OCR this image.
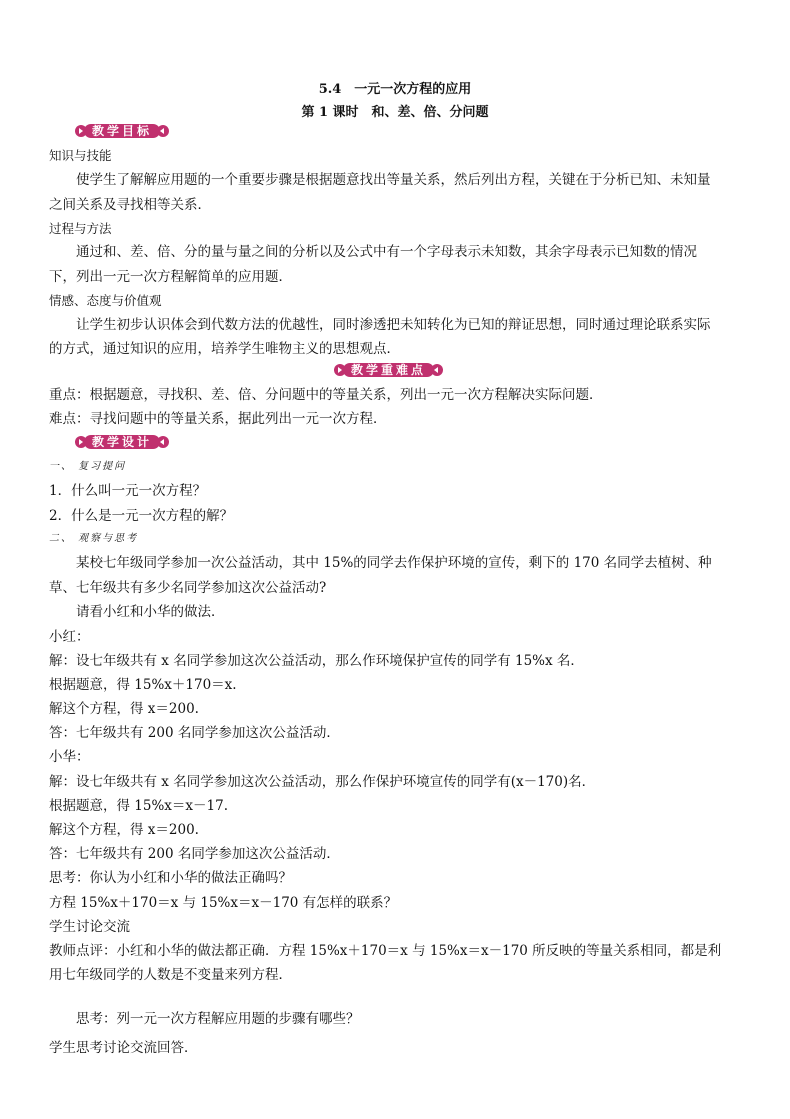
5.4　一元一次方程的应用
第 1 课时　和、差、倍、分问题
教学目标
知识与技能
　　使学生了解解应用题的一个重要步骤是根据题意找出等量关系，然后列出方程，关键在于分析已知、未知量
之间关系及寻找相等关系．
过程与方法
　　通过和、差、倍、分的量与量之间的分析以及公式中有一个字母表示未知数，其余字母表示已知数的情况
下，列出一元一次方程解简单的应用题．
情感、态度与价值观
　　让学生初步认识体会到代数方法的优越性，同时渗透把未知转化为已知的辩证思想，同时通过理论联系实际
的方式，通过知识的应用，培养学生唯物主义的思想观点．
教学重难点
重点：根据题意，寻找积、差、倍、分问题中的等量关系，列出一元一次方程解决实际问题．
难点：寻找问题中的等量关系，据此列出一元一次方程．
教学设计
一、 复习提问
1．什么叫一元一次方程？
2．什么是一元一次方程的解？
二、 观察与思考
　　某校七年级同学参加一次公益活动，其中 15%的同学去作保护环境的宣传，剩下的 170 名同学去植树、种
草、七年级共有多少名同学参加这次公益活动?
　　请看小红和小华的做法．
小红：
解：设七年级共有 x 名同学参加这次公益活动，那么作环境保护宣传的同学有 15%x 名．
根据题意，得 15%x＋170＝x.
解这个方程，得 x＝200.
答：七年级共有 200 名同学参加这次公益活动．
小华：
解：设七年级共有 x 名同学参加这次公益活动，那么作保护环境宣传的同学有(x－170)名．
根据题意，得 15%x＝x－17.
解这个方程，得 x＝200.
答：七年级共有 200 名同学参加这次公益活动．
思考：你认为小红和小华的做法正确吗？
方程 15%x＋170＝x 与 15%x＝x－170 有怎样的联系？
学生讨论交流
教师点评：小红和小华的做法都正确．方程 15%x＋170＝x 与 15%x＝x－170 所反映的等量关系相同，都是利
用七年级同学的人数是不变量来列方程．
　　思考：列一元一次方程解应用题的步骤有哪些？
学生思考讨论交流回答．
